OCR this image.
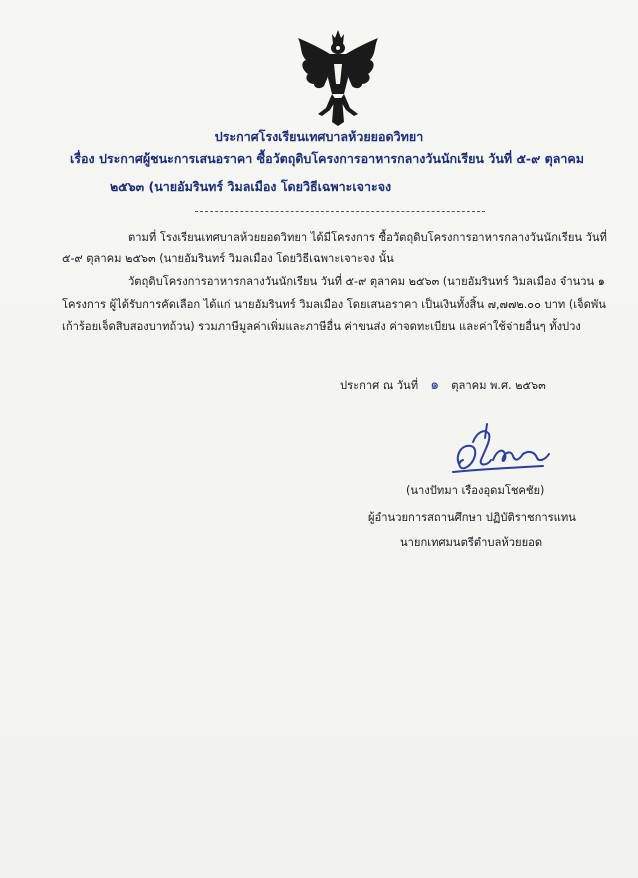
ประกาศโรงเรียนเทศบาลห้วยยอดวิทยา
เรื่อง ประกาศผู้ชนะการเสนอราคา ซื้อวัตถุดิบโครงการอาหารกลางวันนักเรียน วันที่ ๕-๙ ตุลาคม
๒๕๖๓ (นายอัมรินทร์ วิมลเมือง โดยวิธีเฉพาะเจาะจง
ตามที่ โรงเรียนเทศบาลห้วยยอดวิทยา ได้มีโครงการ ซื้อวัตถุดิบโครงการอาหารกลางวันนักเรียน วันที่
๕-๙ ตุลาคม ๒๕๖๓ (นายอัมรินทร์ วิมลเมือง โดยวิธีเฉพาะเจาะจง นั้น
วัตถุดิบโครงการอาหารกลางวันนักเรียน วันที่ ๕-๙ ตุลาคม ๒๕๖๓ (นายอัมรินทร์ วิมลเมือง จำนวน ๑
โครงการ ผู้ได้รับการคัดเลือก ได้แก่ นายอัมรินทร์ วิมลเมือง โดยเสนอราคา เป็นเงินทั้งสิ้น ๗,๗๗๒.๐๐ บาท (เจ็ดพัน
เก้าร้อยเจ็ดสิบสองบาทถ้วน) รวมภาษีมูลค่าเพิ่มและภาษีอื่น ค่าขนส่ง ค่าจดทะเบียน และค่าใช้จ่ายอื่นๆ ทั้งปวง
ประกาศ ณ วันที่ ๑ ตุลาคม พ.ศ. ๒๕๖๓
(นางปัทมา เรืองอุดมโชคชัย)
ผู้อำนวยการสถานศึกษา ปฏิบัติราชการแทน
นายกเทศมนตรีตำบลห้วยยอด
